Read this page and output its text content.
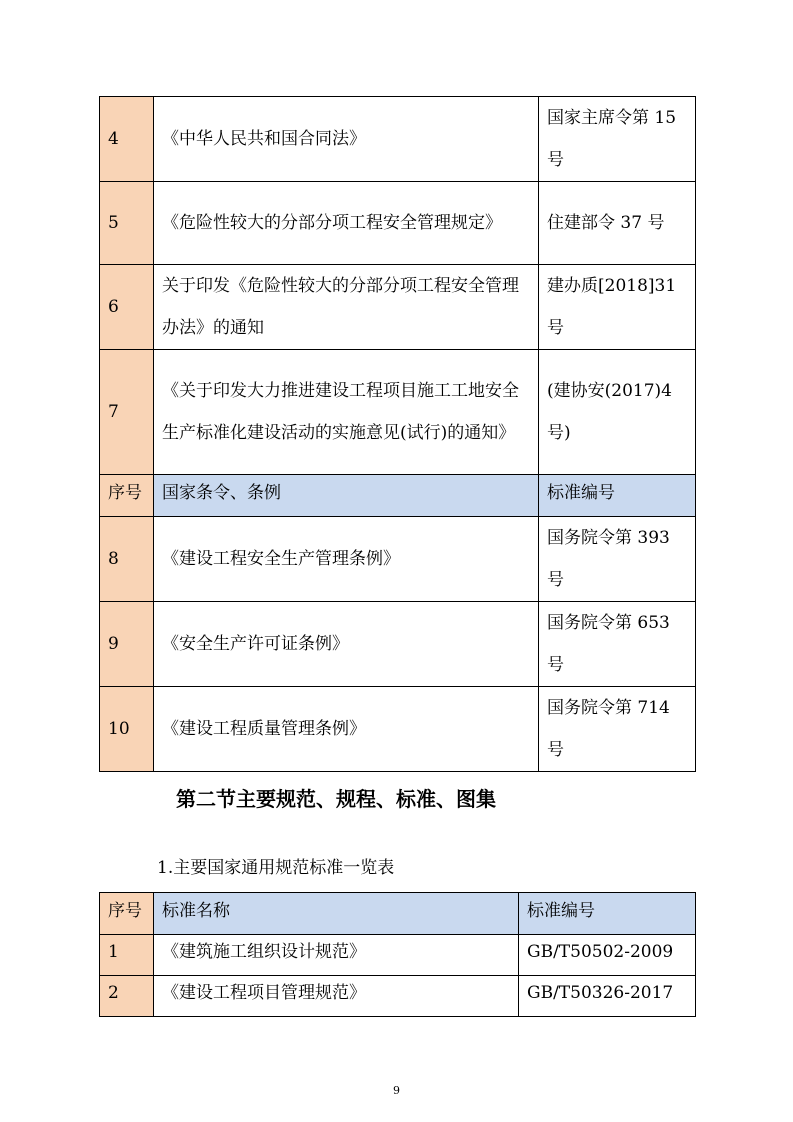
4	《中华人民共和国合同法》	国家主席令第 15 号
5	《危险性较大的分部分项工程安全管理规定》	住建部令 37 号
6	关于印发《危险性较大的分部分项工程安全管理办法》的通知	建办质[2018]31 号
7	《关于印发大力推进建设工程项目施工工地安全生产标准化建设活动的实施意见(试行)的通知》	(建协安(2017)4 号)
序号	国家条令、条例	标准编号
8	《建设工程安全生产管理条例》	国务院令第 393 号
9	《安全生产许可证条例》	国务院令第 653 号
10	《建设工程质量管理条例》	国务院令第 714 号
第二节主要规范、规程、标准、图集
1.主要国家通用规范标准一览表
序号	标准名称	标准编号
1	《建筑施工组织设计规范》	GB/T50502-2009
2	《建设工程项目管理规范》	GB/T50326-2017
9
